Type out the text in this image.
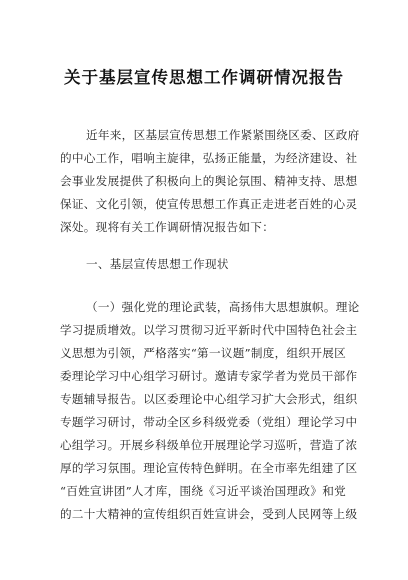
关于基层宣传思想工作调研情况报告
近年来，区基层宣传思想工作紧紧围绕区委、区政府
的中心工作，唱响主旋律，弘扬正能量，为经济建设、社
会事业发展提供了积极向上的舆论氛围、精神支持、思想
保证、文化引领，使宣传思想工作真正走进老百姓的心灵
深处。现将有关工作调研情况报告如下：
一、基层宣传思想工作现状
（一）强化党的理论武装，高扬伟大思想旗帜。理论
学习提质增效。以学习贯彻习近平新时代中国特色社会主
义思想为引领，严格落实“第一议题”制度，组织开展区
委理论学习中心组学习研讨。邀请专家学者为党员干部作
专题辅导报告。以区委理论中心组学习扩大会形式，组织
专题学习研讨，带动全区乡科级党委（党组）理论学习中
心组学习。开展乡科级单位开展理论学习巡听，营造了浓
厚的学习氛围。理论宣传特色鲜明。在全市率先组建了区
“百姓宣讲团”人才库，围绕《习近平谈治国理政》和党
的二十大精神的宣传组织百姓宣讲会，受到人民网等上级
